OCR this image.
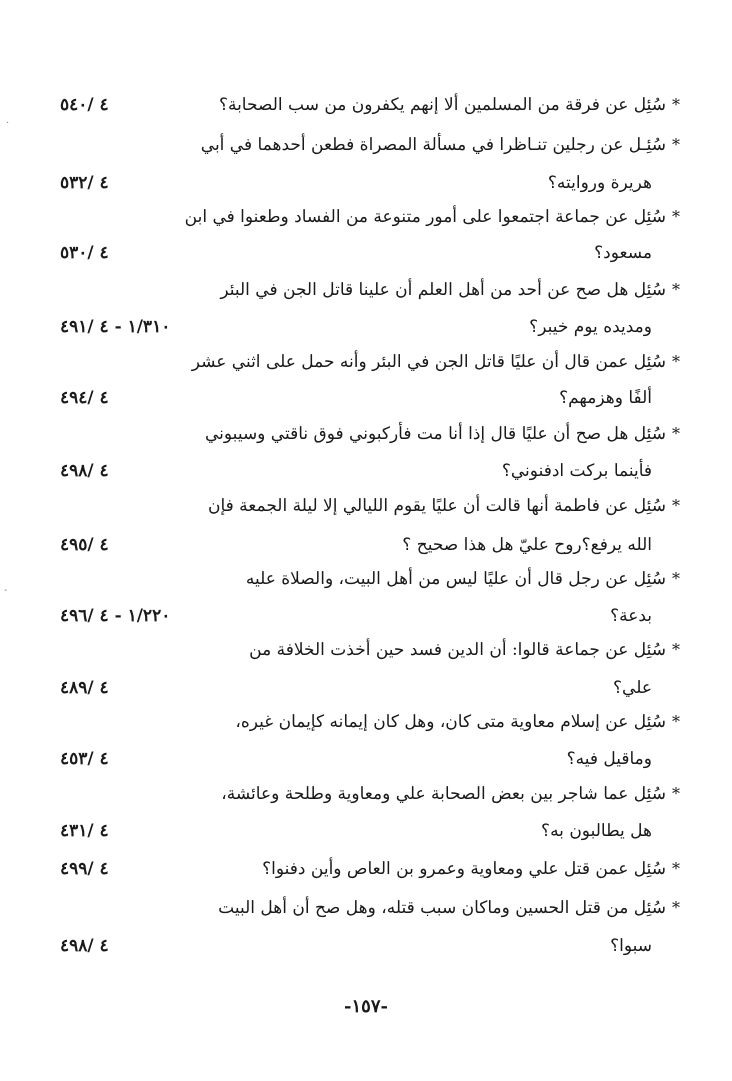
*سُئِل عن فرقة من المسلمين ألا إنهم يكفرون من سب الصحابة؟
٤ /٥٤٠
*سُئِـل عن رجلين تنـاظرا في مسألة المصراة فطعن أحدهما في أبي
هريرة وروايته؟
٤ /٥٣٢
*سُئِل عن جماعة اجتمعوا على أمور متنوعة من الفساد وطعنوا في ابن
مسعود؟
٤ /٥٣٠
*سُئِل هل صح عن أحد من أهل العلم أن علينا قاتل الجن في البئر
ومديده يوم خيبر؟
١/٣١٠ - ٤ /٤٩١
*سُئِل عمن قال أن عليًا قاتل الجن في البئر وأنه حمل على اثني عشر
ألفًا وهزمهم؟
٤ /٤٩٤
*سُئِل هل صح أن عليًا قال إذا أنا مت فأركبوني فوق ناقتي وسيبوني
فأينما بركت ادفنوني؟
٤ /٤٩٨
*سُئِل عن فاطمة أنها قالت أن عليًا يقوم الليالي إلا ليلة الجمعة فإن
الله يرفع؟روح عليّ هل هذا صحيح ؟
٤ /٤٩٥
*سُئِل عن رجل قال أن عليًا ليس من أهل البيت، والصلاة عليه
بدعة؟
١/٢٢٠ - ٤ /٤٩٦
*سُئِل عن جماعة قالوا: أن الدين فسد حين أخذت الخلافة من
علي؟
٤ /٤٨٩
*سُئِل عن إسلام معاوية متى كان، وهل كان إيمانه كإيمان غيره،
وماقيل فيه؟
٤ /٤٥٣
*سُئِل عما شاجر بين بعض الصحابة علي ومعاوية وطلحة وعائشة،
هل يطالبون به؟
٤ /٤٣١
*سُئِل عمن قتل علي ومعاوية وعمرو بن العاص وأين دفنوا؟
٤ /٤٩٩
*سُئِل من قتل الحسين وماكان سبب قتله، وهل صح أن أهل البيت
سبوا؟
٤ /٤٩٨
-١٥٧-
·
-
